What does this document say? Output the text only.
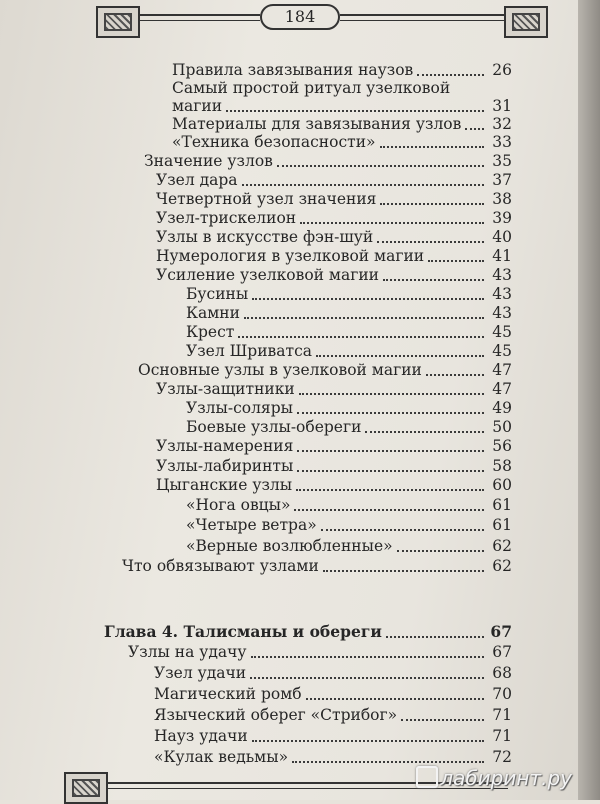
184
Правила завязывания наузов	26
Самый простой ритуал узелковой
магии	31
Материалы для завязывания узлов 32
«Техника безопасности»	33
Значение узлов	35
Узел дара	37
Четвертной узел значения	38
Узел-трискелион	39
Узлы в искусстве фэн-шуй	40
Нумерология в узелковой магии	41
Усиление узелковой магии	43
Бусины	43
Камни	43
Крест	45
Узел Шриватса	45
Основные узлы в узелковой магии	47
Узлы-защитники	47
Узлы-соляры	49
Боевые узлы-обереги	50
Узлы-намерения	56
Узлы-лабиринты	58
Цыганские узлы	60
«Нога овцы»	61
«Четыре ветра»	61
«Верные возлюбленные»	62
Что обвязывают узлами	62
Глава 4. Талисманы и обереги	67
Узлы на удачу	67
Узел удачи	68
Магический ромб	70
Языческий оберег «Стрибог»	71
Науз удачи	71
«Кулак ведьмы»	72
лабиринт.ру
